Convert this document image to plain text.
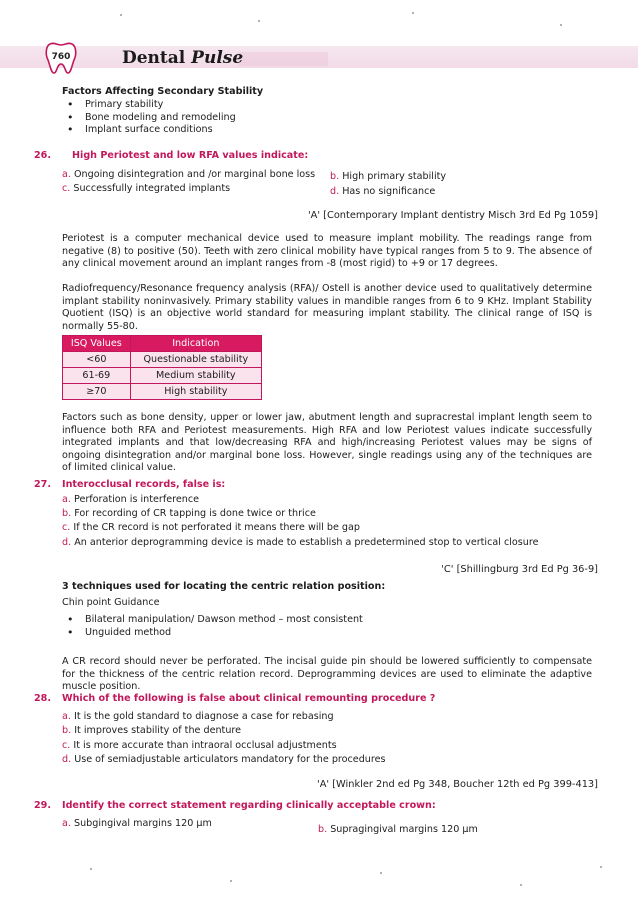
760	Dental Pulse
Factors Affecting Secondary Stability
• Primary stability
• Bone modeling and remodeling
• Implant surface conditions
26. High Periotest and low RFA values indicate:
a. Ongoing disintegration and /or marginal bone loss b. High primary stability
c. Successfully integrated implants	d. Has no significance
'A' [Contemporary Implant dentistry Misch 3rd Ed Pg 1059]
Periotest is a computer mechanical device used to measure implant mobility. The readings range from negative (8) to positive (50). Teeth with zero clinical mobility have typical ranges from 5 to 9. The absence of any clinical movement around an implant ranges from -8 (most rigid) to +9 or 17 degrees.
Radiofrequency/Resonance frequency analysis (RFA)/ Ostell is another device used to qualitatively determine implant stability noninvasively. Primary stability values in mandible ranges from 6 to 9 KHz. Implant Stability Quotient (ISQ) is an objective world standard for measuring implant stability. The clinical range of ISQ is normally 55-80.
ISQ Values	Indication
<60	Questionable stability
61-69	Medium stability
≥70	High stability
Factors such as bone density, upper or lower jaw, abutment length and supracrestal implant length seem to influence both RFA and Periotest measurements. High RFA and low Periotest values indicate successfully integrated implants and that low/decreasing RFA and high/increasing Periotest values may be signs of ongoing disintegration and/or marginal bone loss. However, single readings using any of the techniques are of limited clinical value.
27. Interocclusal records, false is:
a. Perforation is interference
b. For recording of CR tapping is done twice or thrice
c. If the CR record is not perforated it means there will be gap
d. An anterior deprogramming device is made to establish a predetermined stop to vertical closure
'C' [Shillingburg 3rd Ed Pg 36-9]
3 techniques used for locating the centric relation position:
Chin point Guidance
• Bilateral manipulation/ Dawson method – most consistent
• Unguided method
A CR record should never be perforated. The incisal guide pin should be lowered sufficiently to compensate for the thickness of the centric relation record. Deprogramming devices are used to eliminate the adaptive muscle position.
28. Which of the following is false about clinical remounting procedure ?
a. It is the gold standard to diagnose a case for rebasing
b. It improves stability of the denture
c. It is more accurate than intraoral occlusal adjustments
d. Use of semiadjustable articulators mandatory for the procedures
'A' [Winkler 2nd ed Pg 348, Boucher 12th ed Pg 399-413]
29. Identify the correct statement regarding clinically acceptable crown:
a. Subgingival margins 120 µm
b. Supragingival margins 120 µm
